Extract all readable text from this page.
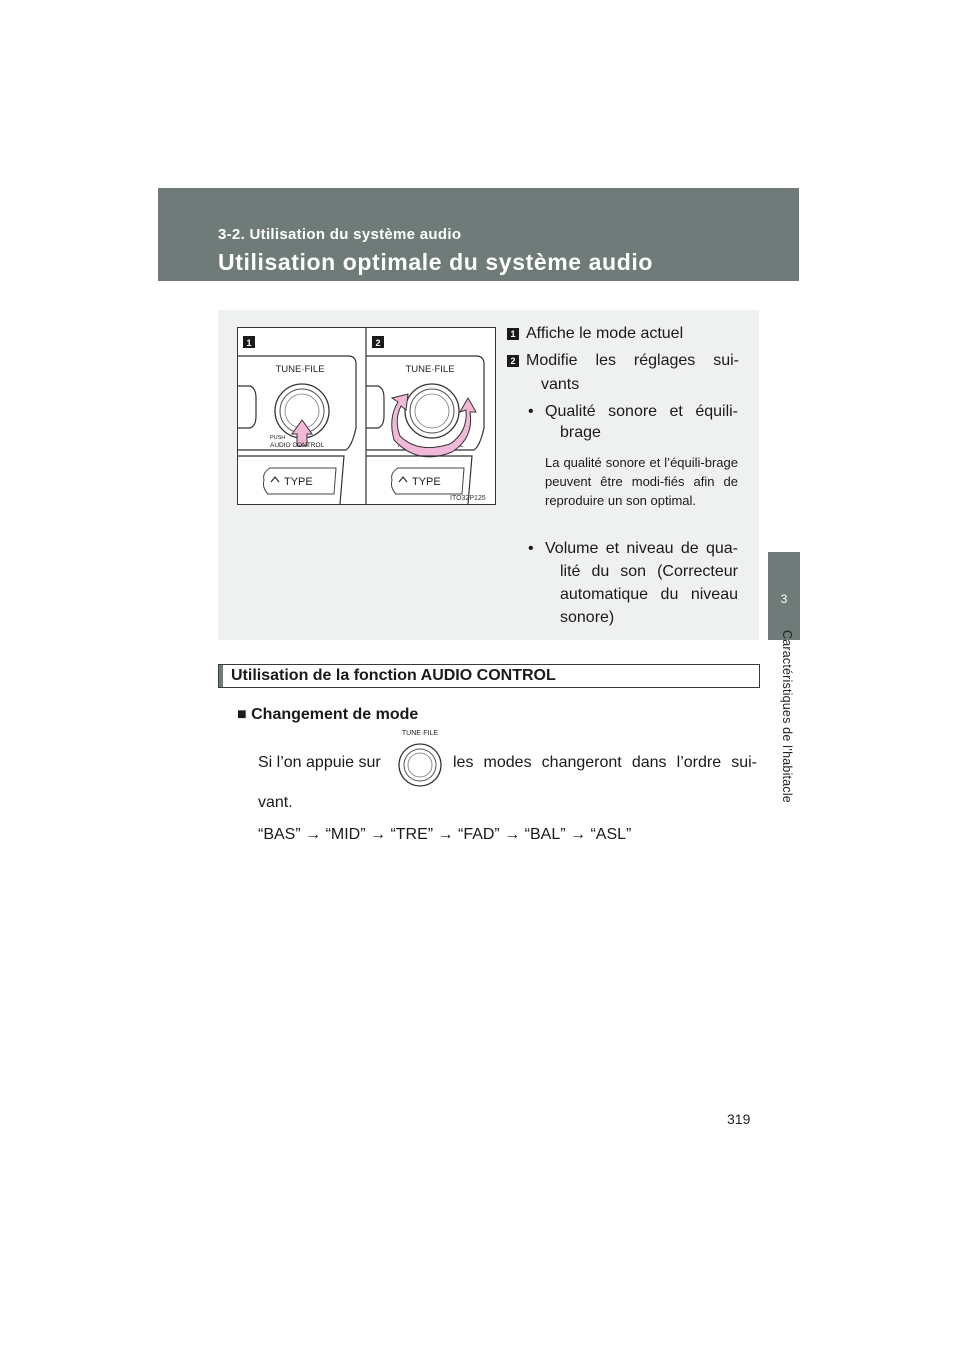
3-2. Utilisation du système audio
Utilisation optimale du système audio
3
Caractéristiques de l’habitacle
1	2
TUNE·FILE
PUSH
AUDIO CONTROL
TYPE
TUNE·FILE
L
TYPE
ITO32P125
1 Affiche le mode actuel
2 Modifie les réglages sui-
vants
• Qualité sonore et équili-
brage
La qualité sonore et l’équili-brage peuvent être modi-fiés afin de reproduire un son optimal.
• Volume et niveau de qua-
lité du son (Correcteur
automatique du niveau
sonore)
Utilisation de la fonction AUDIO CONTROL
■ Changement de mode
Si l’on appuie sur
TUNE·FILE
les modes changeront dans l’ordre sui-
vant.
“BAS” → “MID” → “TRE” → “FAD” → “BAL” → “ASL”
319
